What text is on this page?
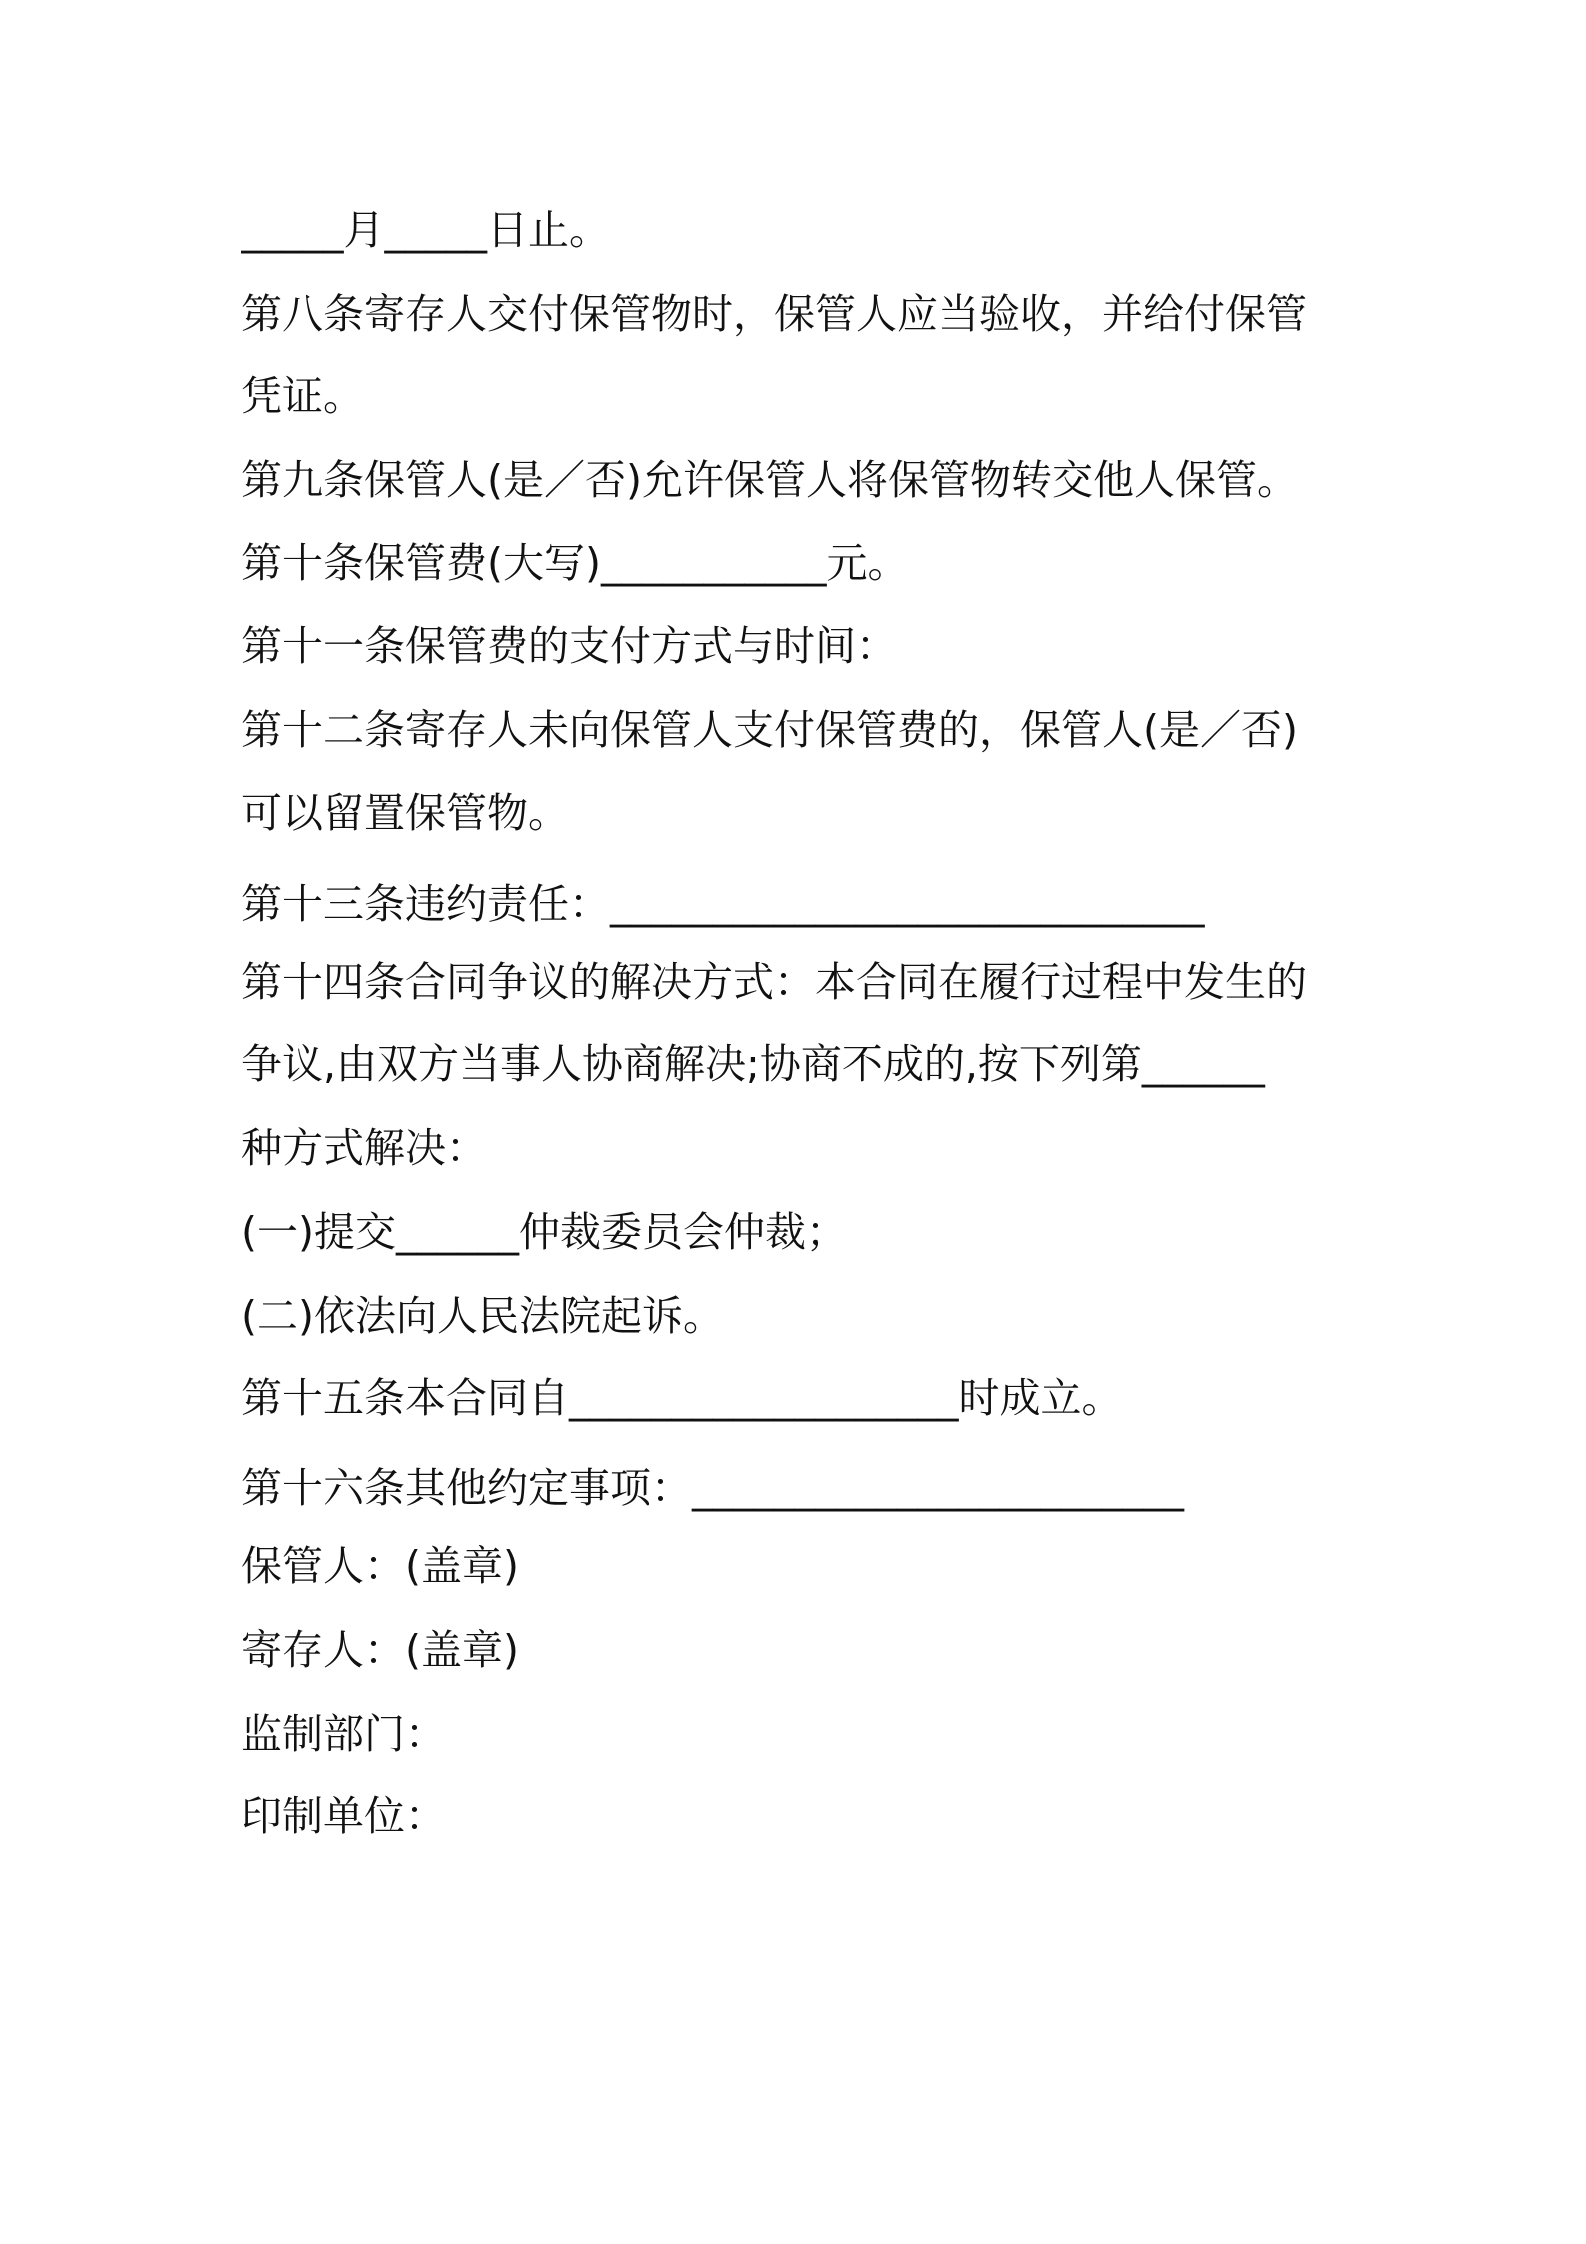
_____月_____日止。
第八条寄存人交付保管物时，保管人应当验收，并给付保管
凭证。
第九条保管人(是／否)允许保管人将保管物转交他人保管。
第十条保管费(大写)___________元。
第十一条保管费的支付方式与时间：
第十二条寄存人未向保管人支付保管费的，保管人(是／否)
可以留置保管物。
第十三条违约责任：_____________________________
第十四条合同争议的解决方式：本合同在履行过程中发生的
争议,由双方当事人协商解决;协商不成的,按下列第______
种方式解决：
(一)提交______仲裁委员会仲裁；
(二)依法向人民法院起诉。
第十五条本合同自___________________时成立。
第十六条其他约定事项：________________________
保管人：(盖章)
寄存人：(盖章)
监制部门：
印制单位：
